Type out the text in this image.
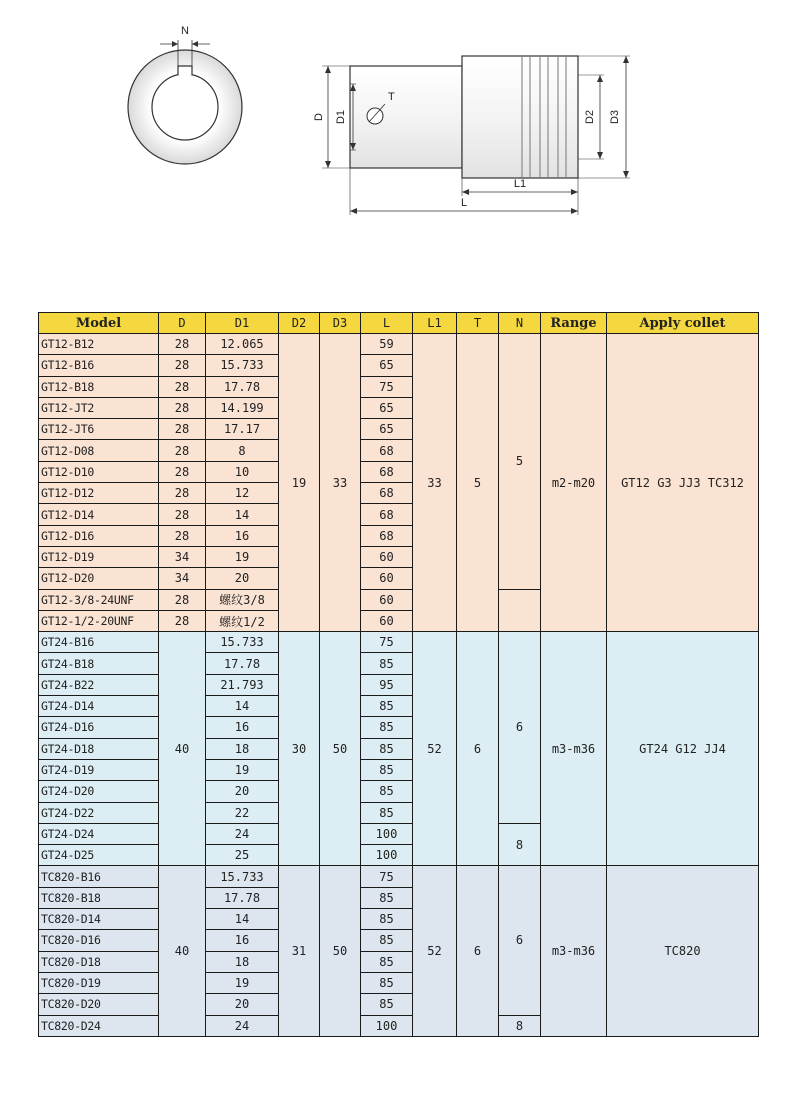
N
T
D D1	D2 D3
L1
L
Model	D	D1	D2	D3	L	L1	T	N	Range	Apply collet
GT12-B12	28	12.065	19	33	59	33	5	5	m2-m20	GT12 G3 JJ3 TC312
GT12-B16	28	15.733			65					
GT12-B18	28	17.78			75					
GT12-JT2	28	14.199			65					
GT12-JT6	28	17.17			65					
GT12-D08	28	8			68					
GT12-D10	28	10			68					
GT12-D12	28	12			68					
GT12-D14	28	14			68					
GT12-D16	28	16			68					
GT12-D19	34	19			60					
GT12-D20	34	20			60					
GT12-3/8-24UNF	28	螺纹3/8			60					
GT12-1/2-20UNF	28	螺纹1/2			60					
GT24-B16	40	15.733	30	50	75	52	6	6	m3-m36	GT24 G12 JJ4
GT24-B18		17.78			85					
GT24-B22		21.793			95					
GT24-D14		14			85					
GT24-D16		16			85					
GT24-D18		18			85					
GT24-D19		19			85					
GT24-D20		20			85					
GT24-D22		22			85					
GT24-D24		24			100			8		
GT24-D25		25			100					
TC820-B16	40	15.733	31	50	75	52	6	6	m3-m36	TC820
TC820-B18		17.78			85					
TC820-D14		14			85					
TC820-D16		16			85					
TC820-D18		18			85					
TC820-D19		19			85					
TC820-D20		20			85					
TC820-D24		24			100			8		
